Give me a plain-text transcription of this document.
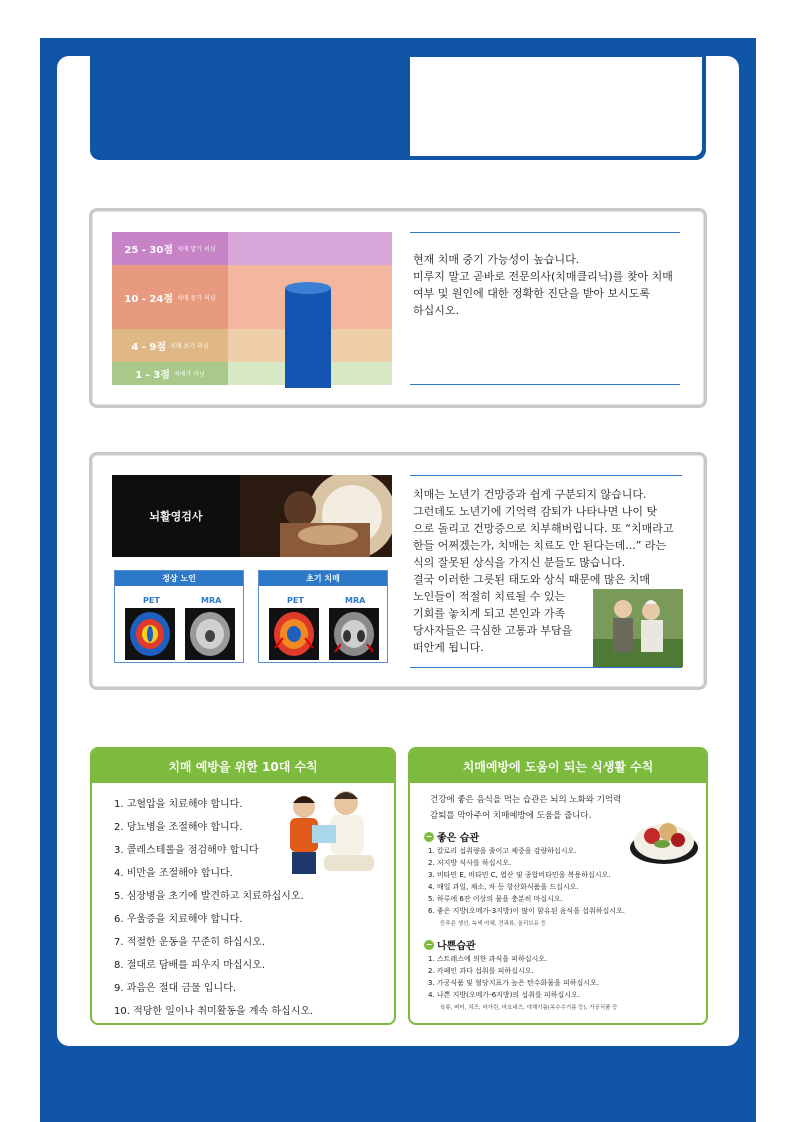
25 - 30점 치매 말기 의심
10 - 24점 치매 중기 의심
4 - 9점 치매 초기 의심
1 - 3점 치매가 아님
현재 치매 중기 가능성이 높습니다.
미루지 말고 곧바로 전문의사(치매클리닉)를 찾아 치매
여부 및 원인에 대한 정확한 진단을 받아 보시도록
하십시오.
뇌활영검사
정상 노인
PET	MRA
초기 치매
PET	MRA
치매는 노년기 건망증과 쉽게 구분되지 않습니다.
그런데도 노년기에 기억력 감퇴가 나타나면 나이 탓
으로 돌리고 건망증으로 치부해버립니다. 또 “치매라고
한들 어쩌겠는가, 치매는 치료도 안 된다는데...” 라는
식의 잘못된 상식을 가지신 분들도 많습니다.
결국 이러한 그릇된 태도와 상식 때문에 많은 치매
노인들이 적절히 치료될 수 있는
기회를 놓치게 되고 본인과 가족
당사자들은 극심한 고통과 부담을
떠안게 됩니다.
치매 예방을 위한 10대 수칙
1. 고혈압을 치료해야 합니다.
2. 당뇨병을 조절해야 합니다.
3. 콜레스테롤을 점검해야 합니다
4. 비만을 조절해야 합니다.
5. 심장병을 초기에 발견하고 치료하십시오.
6. 우울증을 치료해야 합니다.
7. 적절한 운동을 꾸준히 하십시오.
8. 절대로 담배를 피우지 마십시오.
9. 과음은 절대 금물 입니다.
10. 적당한 일이나 취미활동을 계속 하십시오.
치매예방에 도움이 되는 식생활 수칙
건강에 좋은 음식을 먹는 습관은 뇌의 노화와 기억력
감퇴를 막아주어 치매예방에 도움을 줍니다.
− 좋은 습관
1. 칼로리 섭취량을 줄이고 체중을 감량하십시오.
2. 저지방 식사를 하십시오.
3. 비타민 E, 비타민 C, 엽산 및 종합비타민을 복용하십시오.
4. 매일 과일, 채소, 차 등 항산화식품을 드십시오.
5. 하루에 6잔 이상의 물을 충분히 마십시오.
6. 좋은 지방(오메가-3지방)이 많이 함유된 음식을 섭취하십시오.
등푸른 생선, 녹색 야채, 견과류, 올리브유 등
− 나쁜습관
1. 스트레스에 의한 과식을 피하십시오.
2. 카페인 과다 섭취를 피하십시오.
3. 가공식품 및 혈당지표가 높은 탄수화물을 피하십시오.
4. 나쁜 지방(오메가-6지방)의 섭취를 피하십시오.
육류, 버터, 치즈, 마가린, 마요네즈, 야채기름(옥수수기름 등), 가공식품 등
